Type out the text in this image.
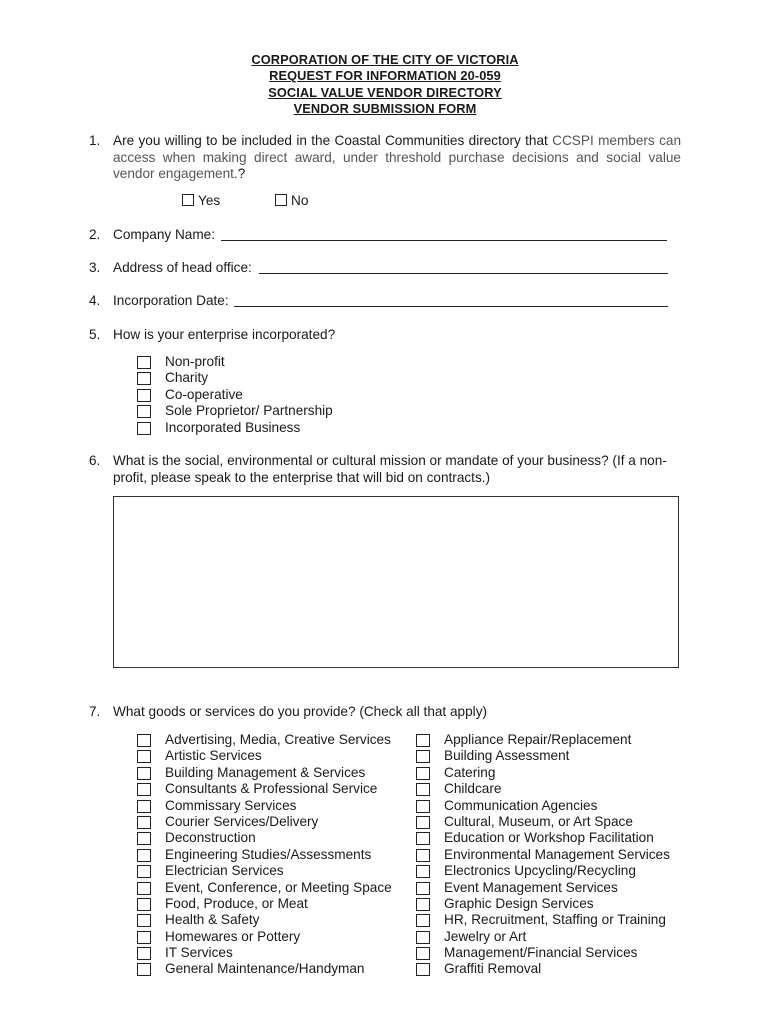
CORPORATION OF THE CITY OF VICTORIA
REQUEST FOR INFORMATION 20-059
SOCIAL VALUE VENDOR DIRECTORY
VENDOR SUBMISSION FORM
1. Are you willing to be included in the Coastal Communities directory that CCSPI members can access when making direct award, under threshold purchase decisions and social value vendor engagement.?
Yes	No
2. Company Name:
3. Address of head office:
4. Incorporation Date:
5. How is your enterprise incorporated?
Non-profit
Charity
Co-operative
Sole Proprietor/ Partnership
Incorporated Business
6. What is the social, environmental or cultural mission or mandate of your business? (If a non-profit, please speak to the enterprise that will bid on contracts.)
7. What goods or services do you provide? (Check all that apply)
Advertising, Media, Creative Services
Artistic Services
Building Management & Services
Consultants & Professional Service
Commissary Services
Courier Services/Delivery
Deconstruction
Engineering Studies/Assessments
Electrician Services
Event, Conference, or Meeting Space
Food, Produce, or Meat
Health & Safety
Homewares or Pottery
IT Services
General Maintenance/Handyman
Appliance Repair/Replacement
Building Assessment
Catering
Childcare
Communication Agencies
Cultural, Museum, or Art Space
Education or Workshop Facilitation
Environmental Management Services
Electronics Upcycling/Recycling
Event Management Services
Graphic Design Services
HR, Recruitment, Staffing or Training
Jewelry or Art
Management/Financial Services
Graffiti Removal
